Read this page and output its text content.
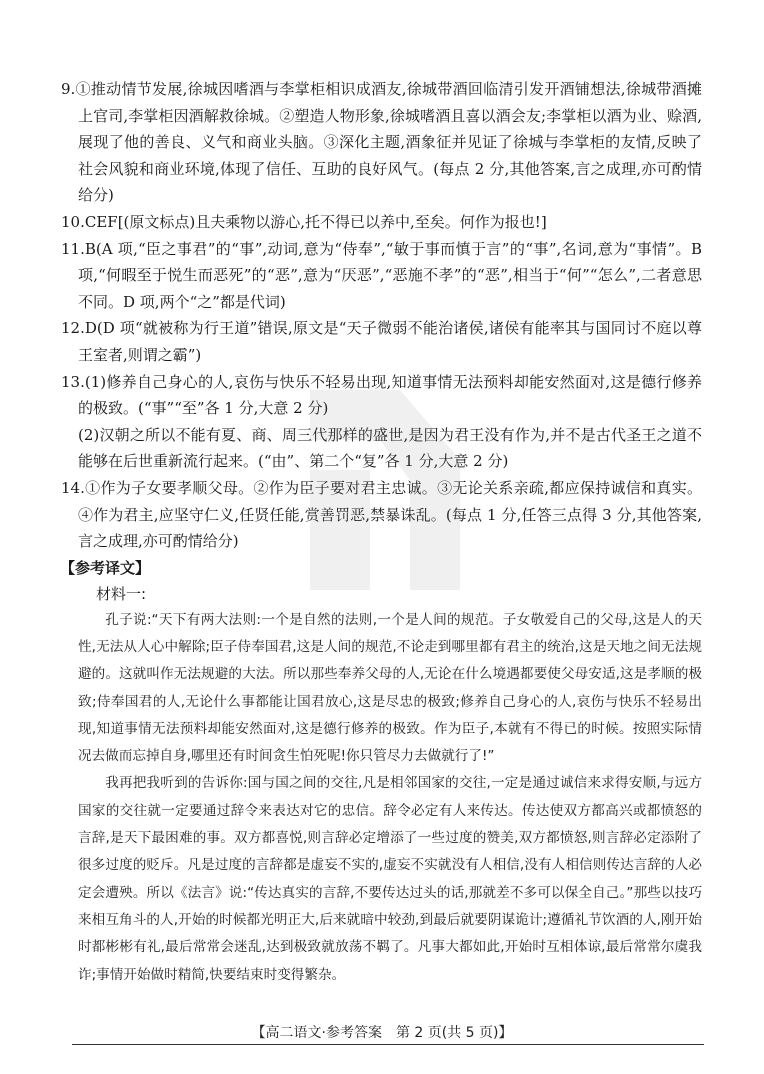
9.①推动情节发展,徐城因嗜酒与李掌柜相识成酒友,徐城带酒回临清引发开酒铺想法,徐城带酒摊上官司,李掌柜因酒解救徐城。②塑造人物形象,徐城嗜酒且喜以酒会友;李掌柜以酒为业、赊酒,展现了他的善良、义气和商业头脑。③深化主题,酒象征并见证了徐城与李掌柜的友情,反映了社会风貌和商业环境,体现了信任、互助的良好风气。(每点 2 分,其他答案,言之成理,亦可酌情给分)

10.CEF[(原文标点)且夫乘物以游心,托不得已以养中,至矣。何作为报也!]

11.B(A 项,“臣之事君”的“事”,动词,意为“侍奉”,“敏于事而慎于言”的“事”,名词,意为“事情”。B 项,“何暇至于悦生而恶死”的“恶”,意为“厌恶”,“恶施不孝”的“恶”,相当于“何”“怎么”,二者意思不同。D 项,两个“之”都是代词)

12.D(D 项“就被称为行王道”错误,原文是“天子微弱不能治诸侯,诸侯有能率其与国同讨不庭以尊王室者,则谓之霸”)

13.(1)修养自己身心的人,哀伤与快乐不轻易出现,知道事情无法预料却能安然面对,这是德行修养的极致。(“事”“至”各 1 分,大意 2 分)

(2)汉朝之所以不能有夏、商、周三代那样的盛世,是因为君王没有作为,并不是古代圣王之道不能够在后世重新流行起来。(“由”、第二个“复”各 1 分,大意 2 分)

14.①作为子女要孝顺父母。②作为臣子要对君主忠诚。③无论关系亲疏,都应保持诚信和真实。④作为君主,应坚守仁义,任贤任能,赏善罚恶,禁暴诛乱。(每点 1 分,任答三点得 3 分,其他答案,言之成理,亦可酌情给分)

【参考译文】
材料一:

孔子说:“天下有两大法则:一个是自然的法则,一个是人间的规范。子女敬爱自己的父母,这是人的天性,无法从人心中解除;臣子侍奉国君,这是人间的规范,不论走到哪里都有君主的统治,这是天地之间无法规避的。这就叫作无法规避的大法。所以那些奉养父母的人,无论在什么境遇都要使父母安适,这是孝顺的极致;侍奉国君的人,无论什么事都能让国君放心,这是尽忠的极致;修养自己身心的人,哀伤与快乐不轻易出现,知道事情无法预料却能安然面对,这是德行修养的极致。作为臣子,本就有不得已的时候。按照实际情况去做而忘掉自身,哪里还有时间贪生怕死呢!你只管尽力去做就行了!”

我再把我听到的告诉你:国与国之间的交往,凡是相邻国家的交往,一定是通过诚信来求得安顺,与远方国家的交往就一定要通过辞令来表达对它的忠信。辞令必定有人来传达。传达使双方都高兴或都愤怒的言辞,是天下最困难的事。双方都喜悦,则言辞必定增添了一些过度的赞美,双方都愤怒,则言辞必定添附了很多过度的贬斥。凡是过度的言辞都是虚妄不实的,虚妄不实就没有人相信,没有人相信则传达言辞的人必定会遭殃。所以《法言》说:“传达真实的言辞,不要传达过头的话,那就差不多可以保全自己。”那些以技巧来相互角斗的人,开始的时候都光明正大,后来就暗中较劲,到最后就要阴谋诡计;遵循礼节饮酒的人,刚开始时都彬彬有礼,最后常常会迷乱,达到极致就放荡不羁了。凡事大都如此,开始时互相体谅,最后常常尔虞我诈;事情开始做时精简,快要结束时变得繁杂。

【高二语文·参考答案　第 2 页(共 5 页)】
